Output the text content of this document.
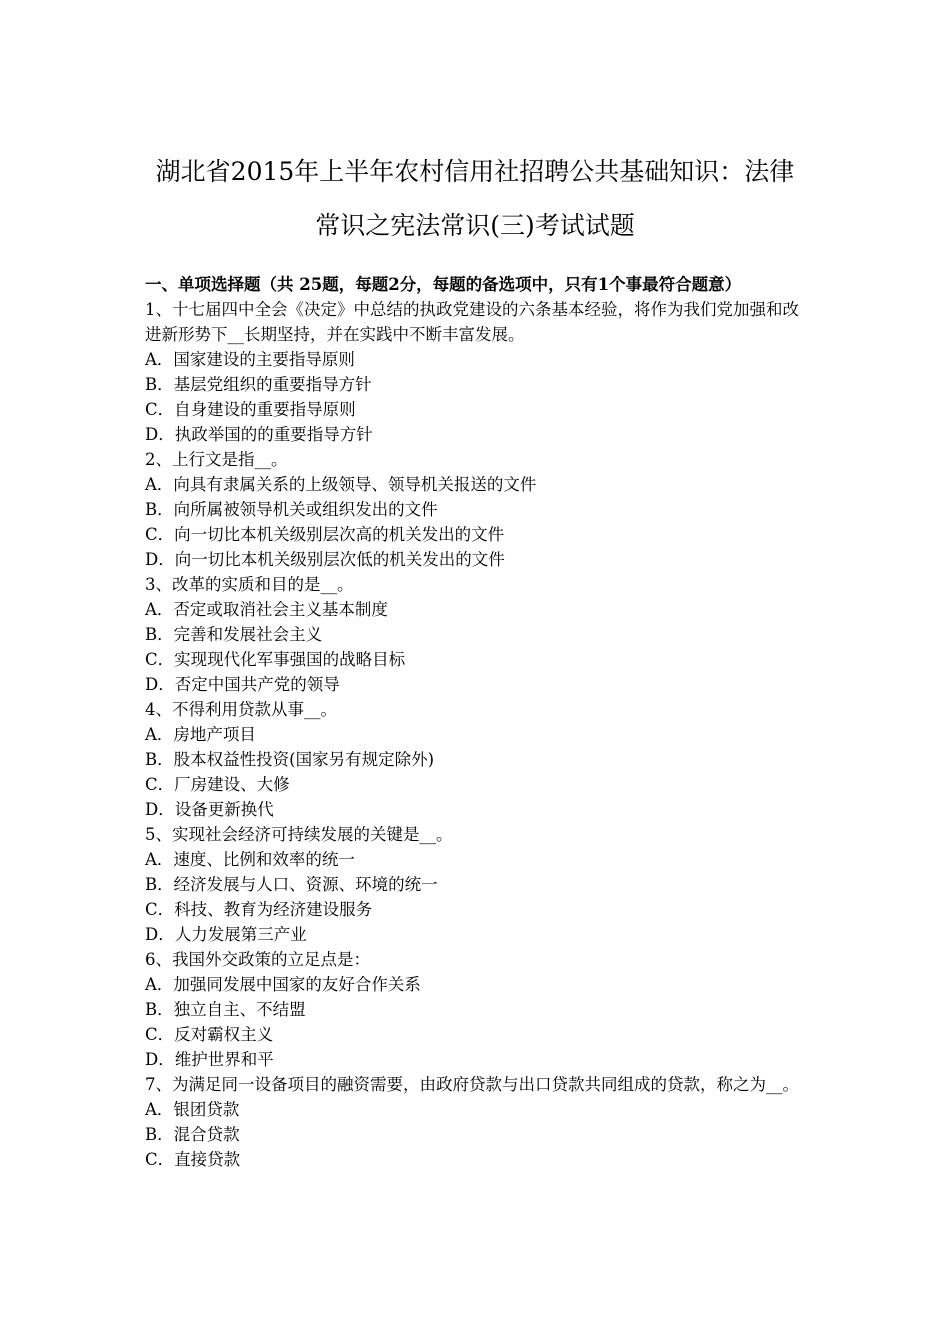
湖北省2015年上半年农村信用社招聘公共基础知识：法律
常识之宪法常识(三)考试试题

一、单项选择题（共 25题，每题2分，每题的备选项中，只有1个事最符合题意）

1、十七届四中全会《决定》中总结的执政党建设的六条基本经验，将作为我们党加强和改进新形势下__长期坚持，并在实践中不断丰富发展。
A．国家建设的主要指导原则
B．基层党组织的重要指导方针
C．自身建设的重要指导原则
D．执政举国的的重要指导方针
2、上行文是指__。
A．向具有隶属关系的上级领导、领导机关报送的文件
B．向所属被领导机关或组织发出的文件
C．向一切比本机关级别层次高的机关发出的文件
D．向一切比本机关级别层次低的机关发出的文件
3、改革的实质和目的是__。
A．否定或取消社会主义基本制度
B．完善和发展社会主义
C．实现现代化军事强国的战略目标
D．否定中国共产党的领导
4、不得利用贷款从事__。
A．房地产项目
B．股本权益性投资(国家另有规定除外)
C．厂房建设、大修
D．设备更新换代
5、实现社会经济可持续发展的关键是__。
A．速度、比例和效率的统一
B．经济发展与人口、资源、环境的统一
C．科技、教育为经济建设服务
D．人力发展第三产业
6、我国外交政策的立足点是：
A．加强同发展中国家的友好合作关系
B．独立自主、不结盟
C．反对霸权主义
D．维护世界和平
7、为满足同一设备项目的融资需要，由政府贷款与出口贷款共同组成的贷款，称之为__。
A．银团贷款
B．混合贷款
C．直接贷款
